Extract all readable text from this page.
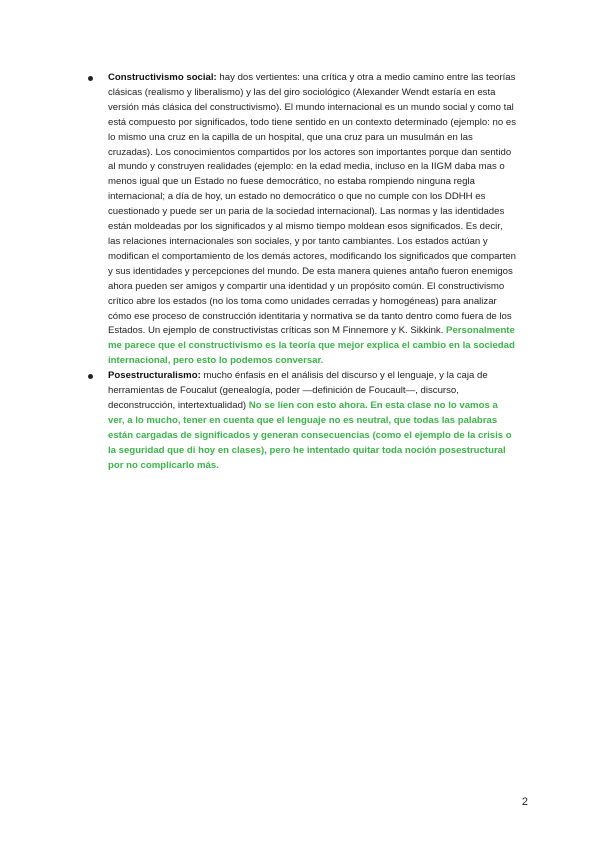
Constructivismo social: hay dos vertientes: una crítica y otra a medio camino entre las teorías clásicas (realismo y liberalismo) y las del giro sociológico (Alexander Wendt estaría en esta versión más clásica del constructivismo). El mundo internacional es un mundo social y como tal está compuesto por significados, todo tiene sentido en un contexto determinado (ejemplo: no es lo mismo una cruz en la capilla de un hospital, que una cruz para un musulmán en las cruzadas). Los conocimientos compartidos por los actores son importantes porque dan sentido al mundo y construyen realidades (ejemplo: en la edad media, incluso en la IIGM daba mas o menos igual que un Estado no fuese democrático, no estaba rompiendo ninguna regla internacional; a día de hoy, un estado no democrático o que no cumple con los DDHH es cuestionado y puede ser un paria de la sociedad internacional). Las normas y las identidades están moldeadas por los significados y al mismo tiempo moldean esos significados. Es decir, las relaciones internacionales son sociales, y por tanto cambiantes. Los estados actúan y modifican el comportamiento de los demás actores, modificando los significados que comparten y sus identidades y percepciones del mundo. De esta manera quienes antaño fueron enemigos ahora pueden ser amigos y compartir una identidad y un propósito común. El constructivismo crítico abre los estados (no los toma como unidades cerradas y homogéneas) para analizar cómo ese proceso de construcción identitaria y normativa se da tanto dentro como fuera de los Estados. Un ejemplo de constructivistas críticas son M Finnemore y K. Sikkink. Personalmente me parece que el constructivismo es la teoría que mejor explica el cambio en la sociedad internacional, pero esto lo podemos conversar.
Posestructuralismo: mucho énfasis en el análisis del discurso y el lenguaje, y la caja de herramientas de Foucalut (genealogía, poder —definición de Foucault—, discurso, deconstrucción, intertextualidad) No se líen con esto ahora. En esta clase no lo vamos a ver, a lo mucho, tener en cuenta que el lenguaje no es neutral, que todas las palabras están cargadas de significados y generan consecuencias (como el ejemplo de la crisis o la seguridad que di hoy en clases), pero he intentado quitar toda noción posestructural por no complicarlo más.
2
